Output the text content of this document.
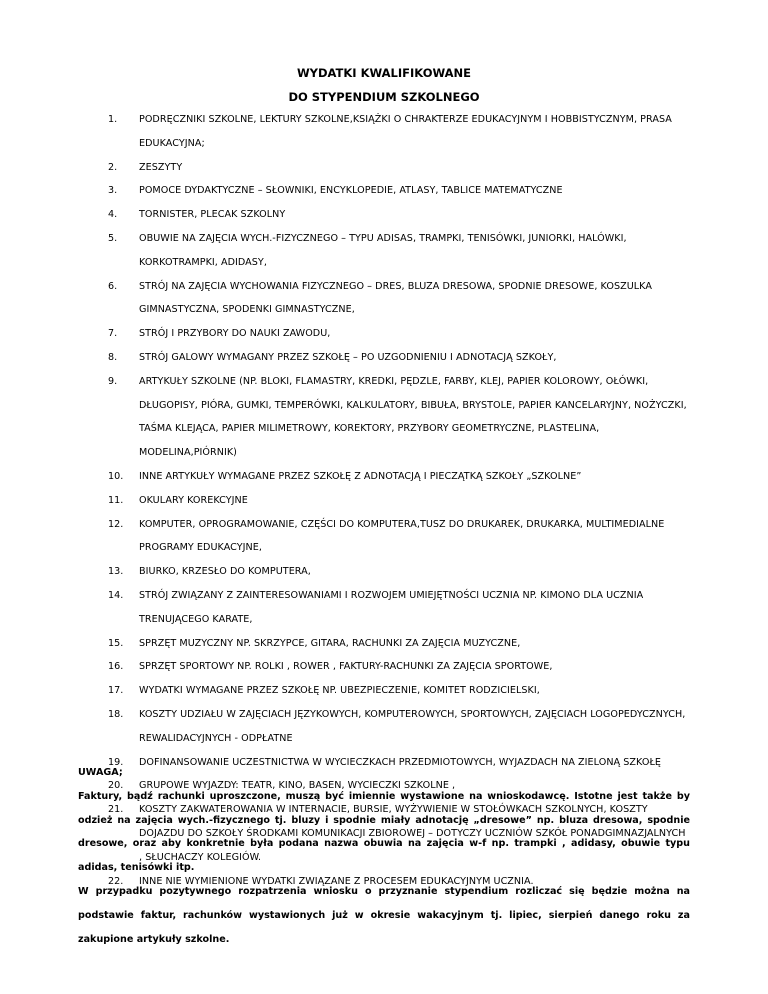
WYDATKI KWALIFIKOWANE
DO STYPENDIUM SZKOLNEGO
1.	PODRĘCZNIKI SZKOLNE, LEKTURY SZKOLNE,KSIĄŻKI O CHRAKTERZE EDUKACYJNYM I HOBBISTYCZNYM, PRASA EDUKACYJNA;
2.	ZESZYTY
3.	POMOCE DYDAKTYCZNE – SŁOWNIKI, ENCYKLOPEDIE, ATLASY, TABLICE MATEMATYCZNE
4.	TORNISTER, PLECAK SZKOLNY
5.	OBUWIE NA ZAJĘCIA WYCH.-FIZYCZNEGO – TYPU ADISAS, TRAMPKI, TENISÓWKI, JUNIORKI, HALÓWKI, KORKOTRAMPKI, ADIDASY,
6.	STRÓJ NA ZAJĘCIA WYCHOWANIA FIZYCZNEGO – DRES, BLUZA DRESOWA, SPODNIE DRESOWE, KOSZULKA GIMNASTYCZNA, SPODENKI GIMNASTYCZNE,
7.	STRÓJ I PRZYBORY DO NAUKI ZAWODU,
8.	STRÓJ GALOWY WYMAGANY PRZEZ SZKOŁĘ – PO UZGODNIENIU I ADNOTACJĄ SZKOŁY,
9.	ARTYKUŁY SZKOLNE (NP. BLOKI, FLAMASTRY, KREDKI, PĘDZLE, FARBY, KLEJ, PAPIER KOLOROWY, OŁÓWKI, DŁUGOPISY, PIÓRA, GUMKI, TEMPERÓWKI, KALKULATORY, BIBUŁA, BRYSTOLE, PAPIER KANCELARYJNY, NOŻYCZKI, TAŚMA KLEJĄCA, PAPIER MILIMETROWY, KOREKTORY, PRZYBORY GEOMETRYCZNE, PLASTELINA, MODELINA,PIÓRNIK)
10.	INNE ARTYKUŁY WYMAGANE PRZEZ SZKOŁĘ Z ADNOTACJĄ I PIECZĄTKĄ SZKOŁY „SZKOLNE”
11.	OKULARY KOREKCYJNE
12.	KOMPUTER, OPROGRAMOWANIE, CZĘŚCI DO KOMPUTERA,TUSZ DO DRUKAREK, DRUKARKA, MULTIMEDIALNE PROGRAMY EDUKACYJNE,
13.	BIURKO, KRZESŁO DO KOMPUTERA,
14.	STRÓJ ZWIĄZANY Z ZAINTERESOWANIAMI I ROZWOJEM UMIEJĘTNOŚCI UCZNIA NP. KIMONO DLA UCZNIA TRENUJĄCEGO KARATE,
15.	SPRZĘT MUZYCZNY NP. SKRZYPCE, GITARA, RACHUNKI ZA ZAJĘCIA MUZYCZNE,
16.	SPRZĘT SPORTOWY NP. ROLKI , ROWER , FAKTURY-RACHUNKI ZA ZAJĘCIA SPORTOWE,
17.	WYDATKI WYMAGANE PRZEZ SZKOŁĘ NP. UBEZPIECZENIE, KOMITET RODZICIELSKI,
18.	KOSZTY UDZIAŁU W ZAJĘCIACH JĘZYKOWYCH, KOMPUTEROWYCH, SPORTOWYCH, ZAJĘCIACH LOGOPEDYCZNYCH, REWALIDACYJNYCH - ODPŁATNE
19.	DOFINANSOWANIE UCZESTNICTWA W WYCIECZKACH PRZEDMIOTOWYCH, WYJAZDACH NA ZIELONĄ SZKOŁĘ
20.	GRUPOWE WYJAZDY: TEATR, KINO, BASEN, WYCIECZKI SZKOLNE ,
21.	KOSZTY ZAKWATEROWANIA W INTERNACIE, BURSIE, WYŻYWIENIE W STOŁÓWKACH SZKOLNYCH, KOSZTY DOJAZDU DO SZKOŁY ŚRODKAMI KOMUNIKACJI ZBIOROWEJ – DOTYCZY UCZNIÓW SZKÓŁ PONADGIMNAZJALNYCH , SŁUCHACZY KOLEGIÓW.
22.	INNE NIE WYMIENIONE WYDATKI ZWIĄZANE Z PROCESEM EDUKACYJNYM UCZNIA.
UWAGA;
Faktury, bądź rachunki uproszczone, muszą być imiennie wystawione na wnioskodawcę. Istotne jest także by odzież na zajęcia wych.-fizycznego tj. bluzy i spodnie miały adnotację „dresowe” np. bluza dresowa, spodnie dresowe, oraz aby konkretnie była podana nazwa obuwia na zajęcia w-f np. trampki , adidasy, obuwie typu adidas, tenisówki itp.
W przypadku pozytywnego rozpatrzenia wniosku o przyznanie stypendium rozliczać się będzie można na podstawie faktur, rachunków wystawionych już w okresie wakacyjnym tj. lipiec, sierpień danego roku za zakupione artykuły szkolne.
